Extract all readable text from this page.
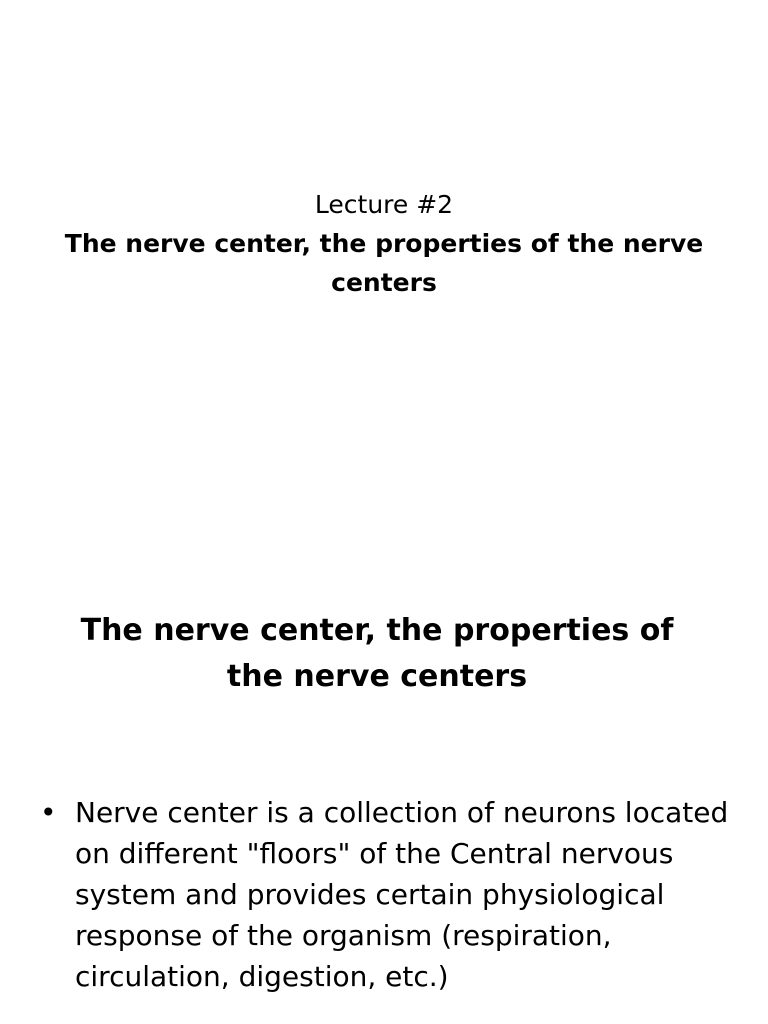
Lecture #2
The nerve center, the properties of the nerve centers
The nerve center, the properties of the nerve centers
• Nerve center is a collection of neurons located on different "floors" of the Central nervous system and provides certain physiological response of the organism (respiration, circulation, digestion, etc.)
